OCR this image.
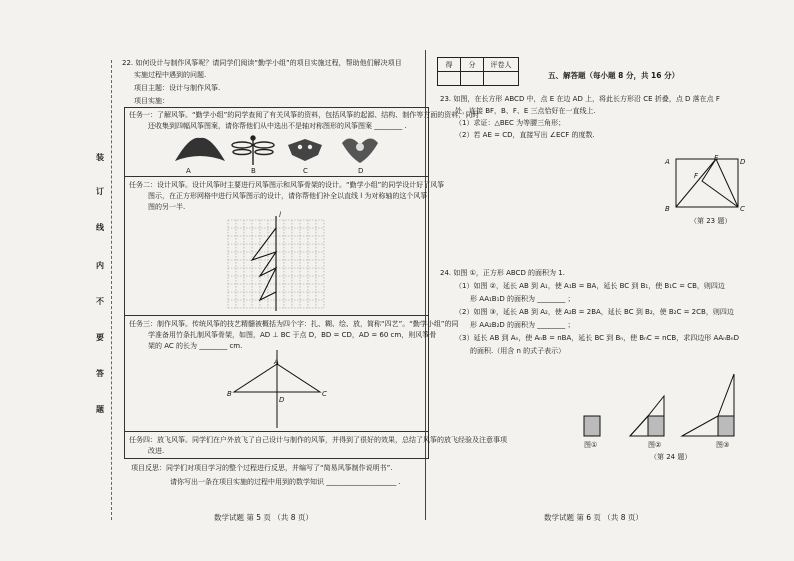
装
订
线
内
不
要
答
题
22. 如何设计与制作风筝呢？请同学们阅读“勤学小组”的项目实施过程，帮助他们解决项目
实施过程中遇到的问题.
项目主题：设计与制作风筝.
项目实施：
任务一：了解风筝。“勤学小组”的同学查阅了有关风筝的资料，包括风筝的起源、结构、制作等方面的资料，同时
还收集到四幅风筝图案，请你帮他们从中选出不是轴对称图形的风筝图案 ________ .
A	B	C	D
任务二：设计风筝。设计风筝时主要进行风筝图示和风筝骨架的设计。“勤学小组”的同学设计好了风筝
图示，在正方形网格中进行风筝图示的设计，请你帮他们补全以直线 l 为对称轴的这个风筝
图的另一半.
l
任务三：制作风筝。传统风筝的技艺精髓被概括为四个字：扎、糊、绘、放，简称“四艺”。“勤学小组”的同
学准备用竹条扎制风筝骨架，如图，AD ⊥ BC 于点 D，BD = CD，AD = 60 cm，则风筝骨
架的 AC 的长为 ________ cm.
A
B	C
D
任务四：放飞风筝。同学们在户外放飞了自己设计与制作的风筝，并得到了很好的效果，总结了风筝的放飞经验及注意事项
改进.
项目反思：同学们对项目学习的整个过程进行反思，并编写了“简易风筝制作说明书”.
请你写出一条在项目实施的过程中用到的数学知识 ____________________ .
数学试题 第 5 页 （共 8 页）
得	分	评卷人

五、解答题（每小题 8 分，共 16 分）
23. 如图，在长方形 ABCD 中，点 E 在边 AD 上，将此长方形沿 CE 折叠，点 D 落在点 F
处，连接 BF，B、F、E 三点恰好在一直线上.
（1）求证：△BEC 为等腰三角形；
（2）若 AE = CD，直接写出 ∠ECF 的度数.
A	E	D
F
B	C
（第 23 题）
24. 如图 ①，正方形 ABCD 的面积为 1.
（1）如图 ②，延长 AB 到 A₁，使 A₁B = BA，延长 BC 到 B₁，使 B₁C = CB，则四边
形 AA₁B₁D 的面积为 ________ ；
（2）如图 ③，延长 AB 到 A₂，使 A₂B = 2BA，延长 BC 到 B₂，使 B₂C = 2CB，则四边
形 AA₂B₂D 的面积为 ________ ；
（3）延长 AB 到 Aₙ，使 AₙB = nBA，延长 BC 到 Bₙ，使 BₙC = nCB，求四边形 AAₙBₙD
的面积.（用含 n 的式子表示）
图①	图②	图③
（第 24 题）
数学试题 第 6 页 （共 8 页）
